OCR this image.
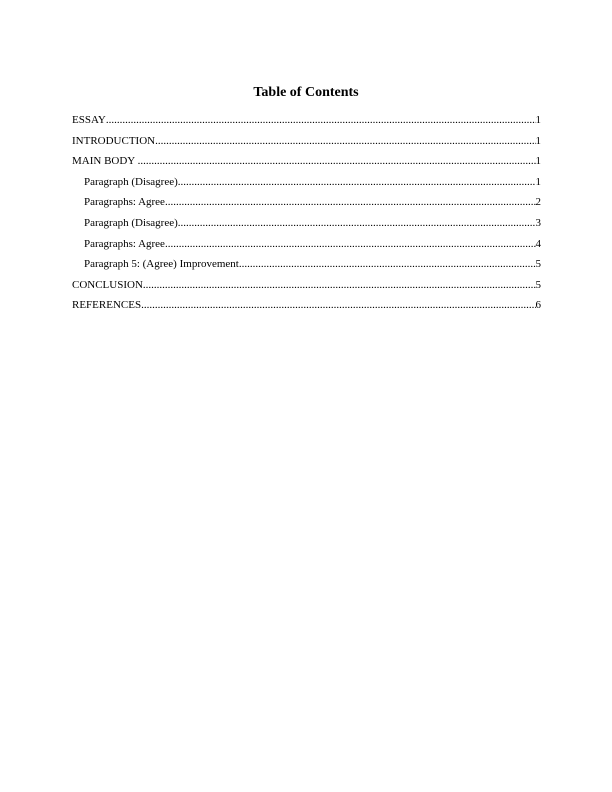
Table of Contents
ESSAY .....	1
INTRODUCTION .....	1
MAIN BODY .....	1
Paragraph (Disagree) .....	1
Paragraphs: Agree .....	2
Paragraph (Disagree) .....	3
Paragraphs: Agree .....	4
Paragraph 5: (Agree) Improvement .....	5
CONCLUSION .....	5
REFERENCES .....	6
